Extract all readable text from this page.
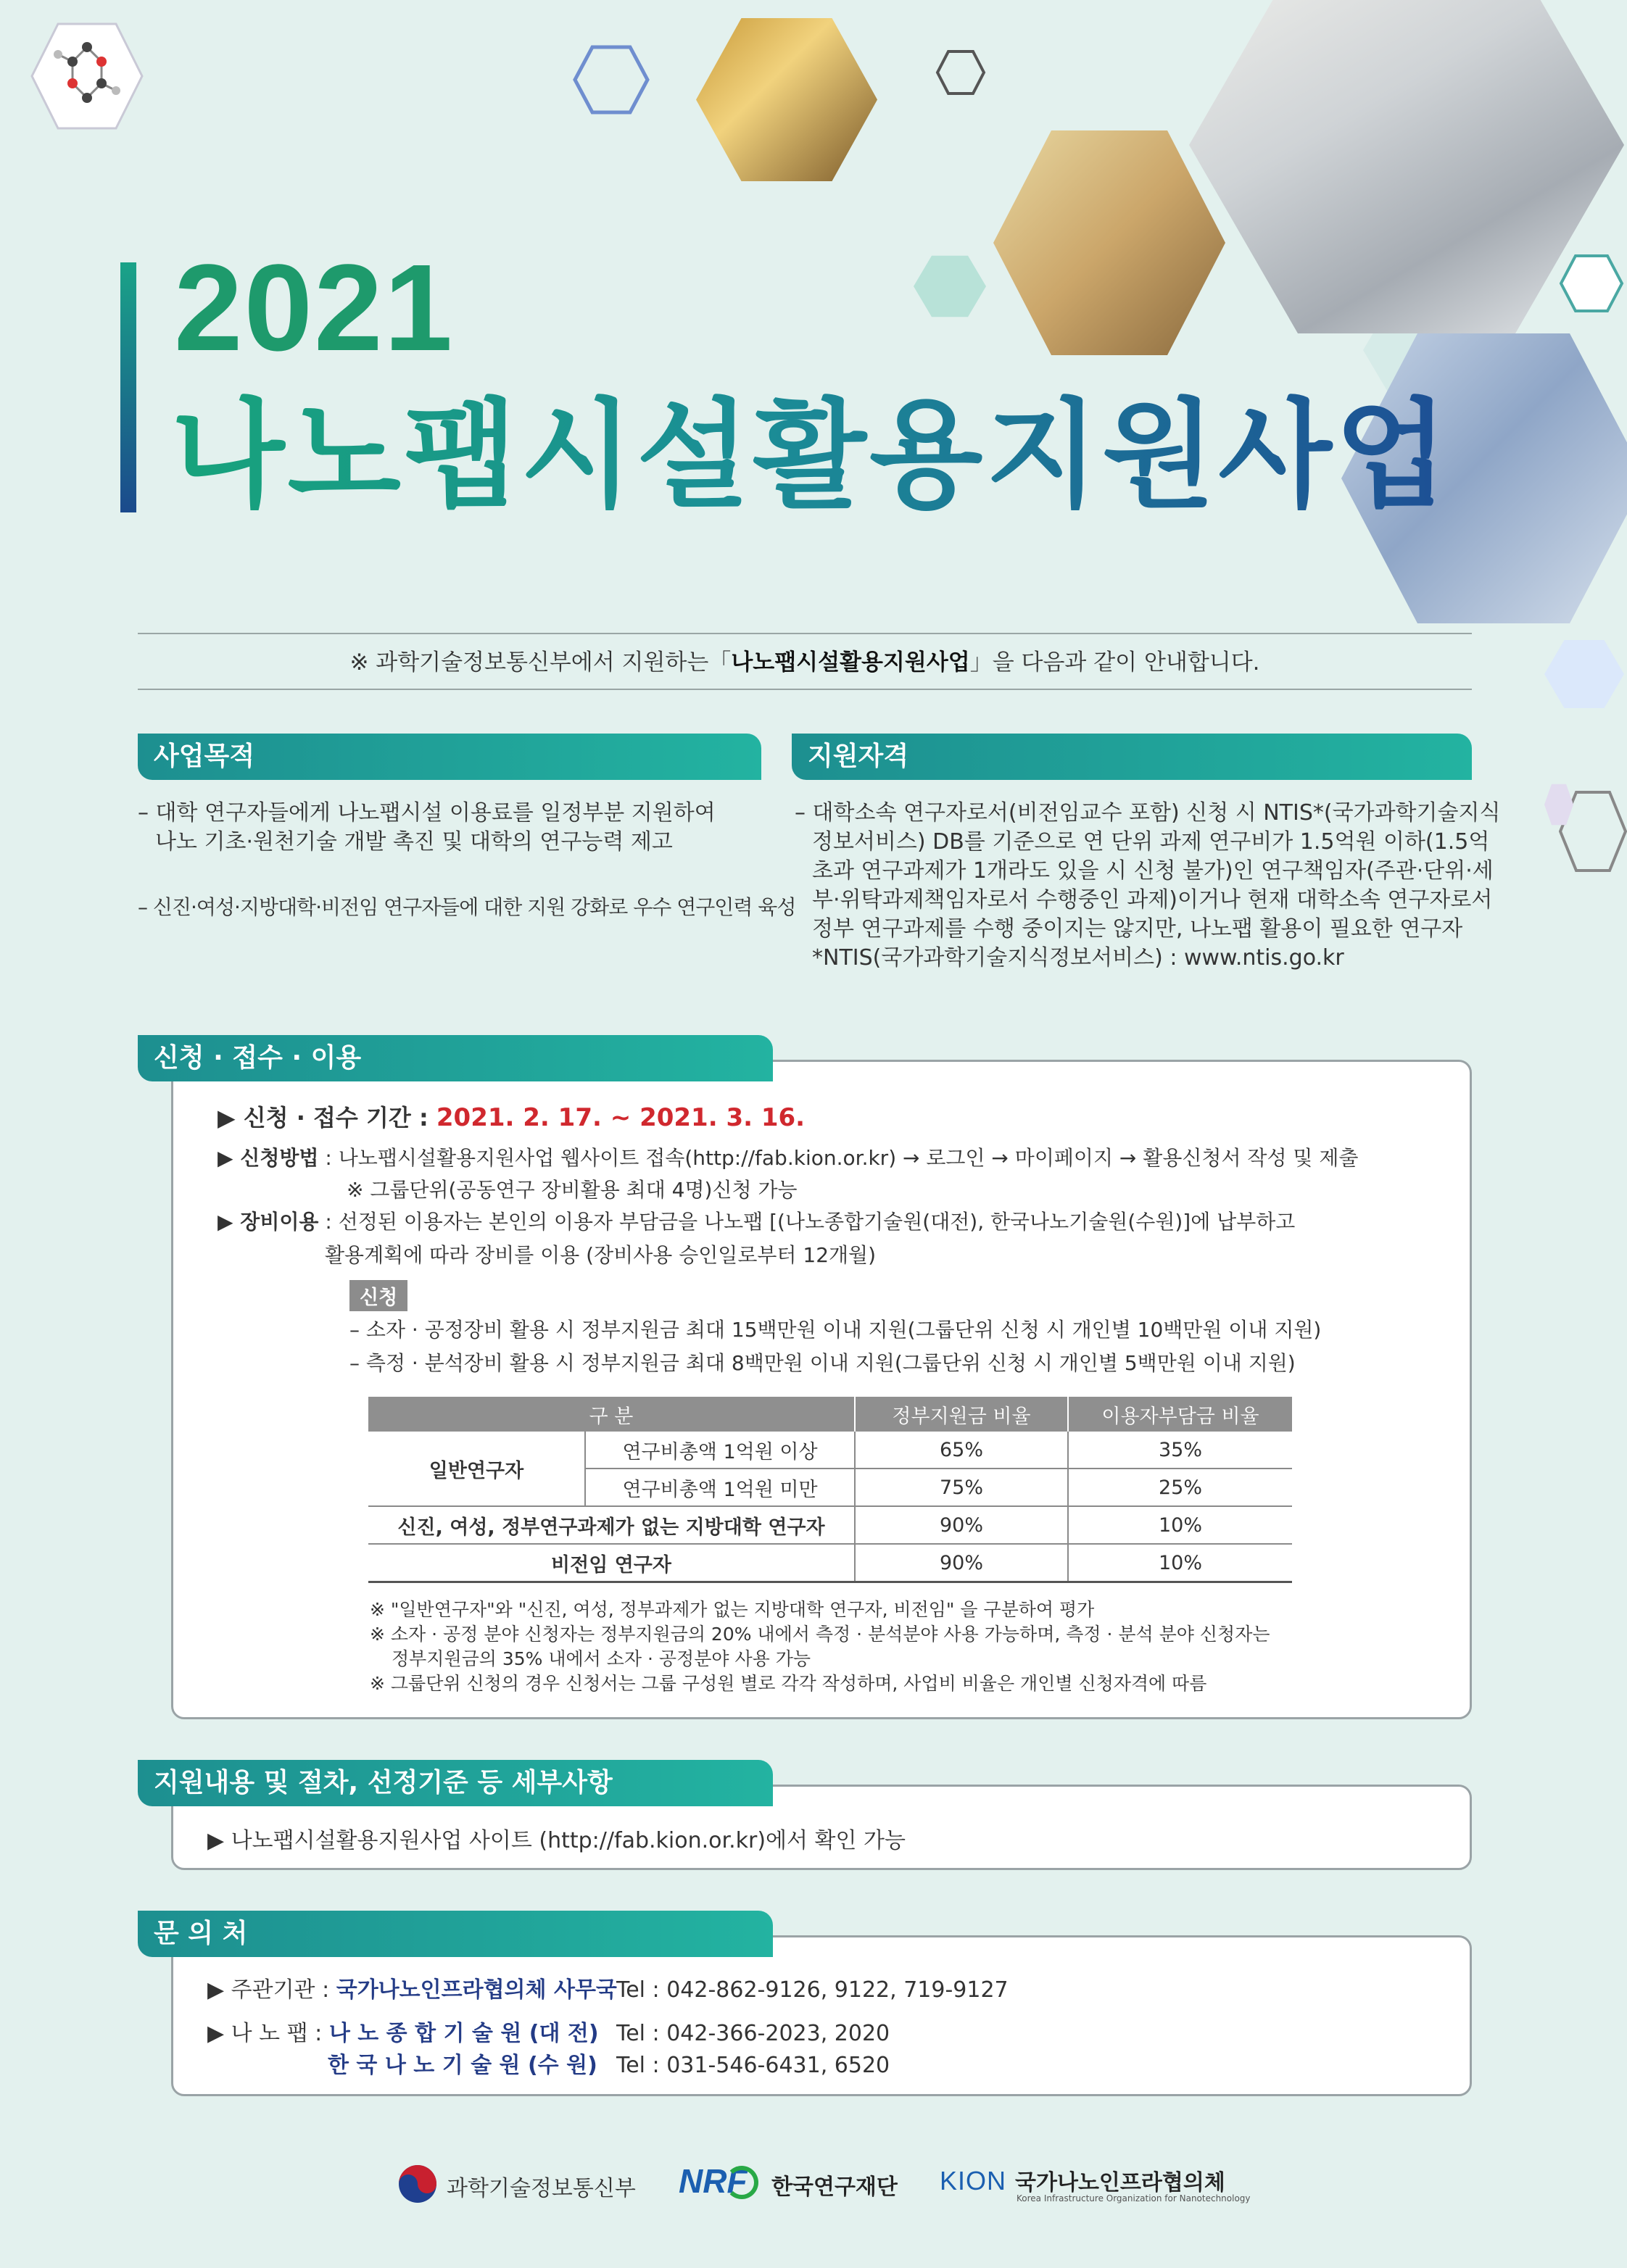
2021
나노팹시설활용지원사업
※ 과학기술정보통신부에서 지원하는「나노팹시설활용지원사업」을 다음과 같이 안내합니다.
사업목적
– 대학 연구자들에게 나노팹시설 이용료를 일정부분 지원하여
나노 기초·원천기술 개발 촉진 및 대학의 연구능력 제고
– 신진·여성·지방대학·비전임 연구자들에 대한 지원 강화로 우수 연구인력 육성
지원자격
– 대학소속 연구자로서(비전임교수 포함) 신청 시 NTIS*(국가과학기술지식
정보서비스) DB를 기준으로 연 단위 과제 연구비가 1.5억원 이하(1.5억
초과 연구과제가 1개라도 있을 시 신청 불가)인 연구책임자(주관·단위·세
부·위탁과제책임자로서 수행중인 과제)이거나 현재 대학소속 연구자로서
정부 연구과제를 수행 중이지는 않지만, 나노팹 활용이 필요한 연구자
*NTIS(국가과학기술지식정보서비스) : www.ntis.go.kr
신청 · 접수 · 이용
▶ 신청 · 접수 기간 : 2021. 2. 17. ~ 2021. 3. 16.
▶ 신청방법 : 나노팹시설활용지원사업 웹사이트 접속(http://fab.kion.or.kr) → 로그인 → 마이페이지 → 활용신청서 작성 및 제출
※ 그룹단위(공동연구 장비활용 최대 4명)신청 가능
▶ 장비이용 : 선정된 이용자는 본인의 이용자 부담금을 나노팹 [(나노종합기술원(대전), 한국나노기술원(수원)]에 납부하고
활용계획에 따라 장비를 이용 (장비사용 승인일로부터 12개월)
신청
– 소자 · 공정장비 활용 시 정부지원금 최대 15백만원 이내 지원(그룹단위 신청 시 개인별 10백만원 이내 지원)
– 측정 · 분석장비 활용 시 정부지원금 최대 8백만원 이내 지원(그룹단위 신청 시 개인별 5백만원 이내 지원)
구 분		정부지원금 비율	이용자부담금 비율
일반연구자	연구비총액 1억원 이상	65%	35%
	연구비총액 1억원 미만	75%	25%
신진, 여성, 정부연구과제가 없는 지방대학 연구자		90%	10%
비전임 연구자		90%	10%
※ "일반연구자"와 "신진, 여성, 정부과제가 없는 지방대학 연구자, 비전임" 을 구분하여 평가
※ 소자 · 공정 분야 신청자는 정부지원금의 20% 내에서 측정 · 분석분야 사용 가능하며, 측정 · 분석 분야 신청자는
정부지원금의 35% 내에서 소자 · 공정분야 사용 가능
※ 그룹단위 신청의 경우 신청서는 그룹 구성원 별로 각각 작성하며, 사업비 비율은 개인별 신청자격에 따름
지원내용 및 절차, 선정기준 등 세부사항
▶ 나노팹시설활용지원사업 사이트 (http://fab.kion.or.kr)에서 확인 가능
문 의 처
▶ 주관기관 : 국가나노인프라협의체 사무국 Tel : 042-862-9126, 9122, 719-9127
▶ 나 노 팹 : 나 노 종 합 기 술 원 (대 전) Tel : 042-366-2023, 2020
한 국 나 노 기 술 원 (수 원) Tel : 031-546-6431, 6520
과학기술정보통신부 NRF 한국연구재단 KION 국가나노인프라협의체
Korea Infrastructure Organization for Nanotechnology
